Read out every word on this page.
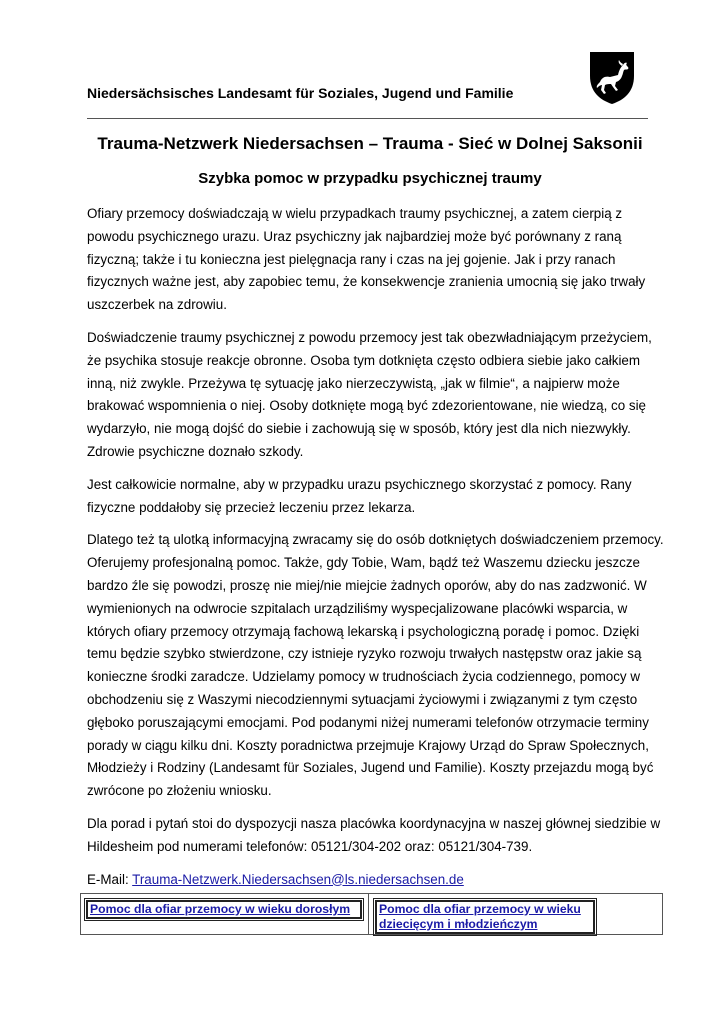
Niedersächsisches Landesamt für Soziales, Jugend und Familie
Trauma-Netzwerk Niedersachsen – Trauma - Sieć w Dolnej Saksonii
Szybka pomoc w przypadku psychicznej traumy

Ofiary przemocy doświadczają w wielu przypadkach traumy psychicznej, a zatem cierpią z powodu psychicznego urazu. Uraz psychiczny jak najbardziej może być porównany z raną fizyczną; także i tu konieczna jest pielęgnacja rany i czas na jej gojenie. Jak i przy ranach fizycznych ważne jest, aby zapobiec temu, że konsekwencje zranienia umocnią się jako trwały uszczerbek na zdrowiu.

Doświadczenie traumy psychicznej z powodu przemocy jest tak obezwładniającym przeżyciem, że psychika stosuje reakcje obronne. Osoba tym dotknięta często odbiera siebie jako całkiem inną, niż zwykle. Przeżywa tę sytuację jako nierzeczywistą, „jak w filmie“, a najpierw może brakować wspomnienia o niej. Osoby dotknięte mogą być zdezorientowane, nie wiedzą, co się wydarzyło, nie mogą dojść do siebie i zachowują się w sposób, który jest dla nich niezwykły. Zdrowie psychiczne doznało szkody.

Jest całkowicie normalne, aby w przypadku urazu psychicznego skorzystać z pomocy. Rany fizyczne poddałoby się przecież leczeniu przez lekarza.

Dlatego też tą ulotką informacyjną zwracamy się do osób dotkniętych doświadczeniem przemocy. Oferujemy profesjonalną pomoc. Także, gdy Tobie, Wam, bądź też Waszemu dziecku jeszcze bardzo źle się powodzi, proszę nie miej/nie miejcie żadnych oporów, aby do nas zadzwonić. W wymienionych na odwrocie szpitalach urządziliśmy wyspecjalizowane placówki wsparcia, w których ofiary przemocy otrzymają fachową lekarską i psychologiczną poradę i pomoc. Dzięki temu będzie szybko stwierdzone, czy istnieje ryzyko rozwoju trwałych następstw oraz jakie są konieczne środki zaradcze. Udzielamy pomocy w trudnościach życia codziennego, pomocy w obchodzeniu się z Waszymi niecodziennymi sytuacjami życiowymi i związanymi z tym często głęboko poruszającymi emocjami. Pod podanymi niżej numerami telefonów otrzymacie terminy porady w ciągu kilku dni. Koszty poradnictwa przejmuje Krajowy Urząd do Spraw Społecznych, Młodzieży i Rodziny (Landesamt für Soziales, Jugend und Familie). Koszty przejazdu mogą być zwrócone po złożeniu wniosku.

Dla porad i pytań stoi do dyspozycji nasza placówka koordynacyjna w naszej głównej siedzibie w Hildesheim pod numerami telefonów: 05121/304-202 oraz: 05121/304-739.

E-Mail: Trauma-Netzwerk.Niedersachsen@ls.niedersachsen.de

Pomoc dla ofiar przemocy w wieku dorosłym	Pomoc dla ofiar przemocy w wieku dziecięcym i młodzieńczym
